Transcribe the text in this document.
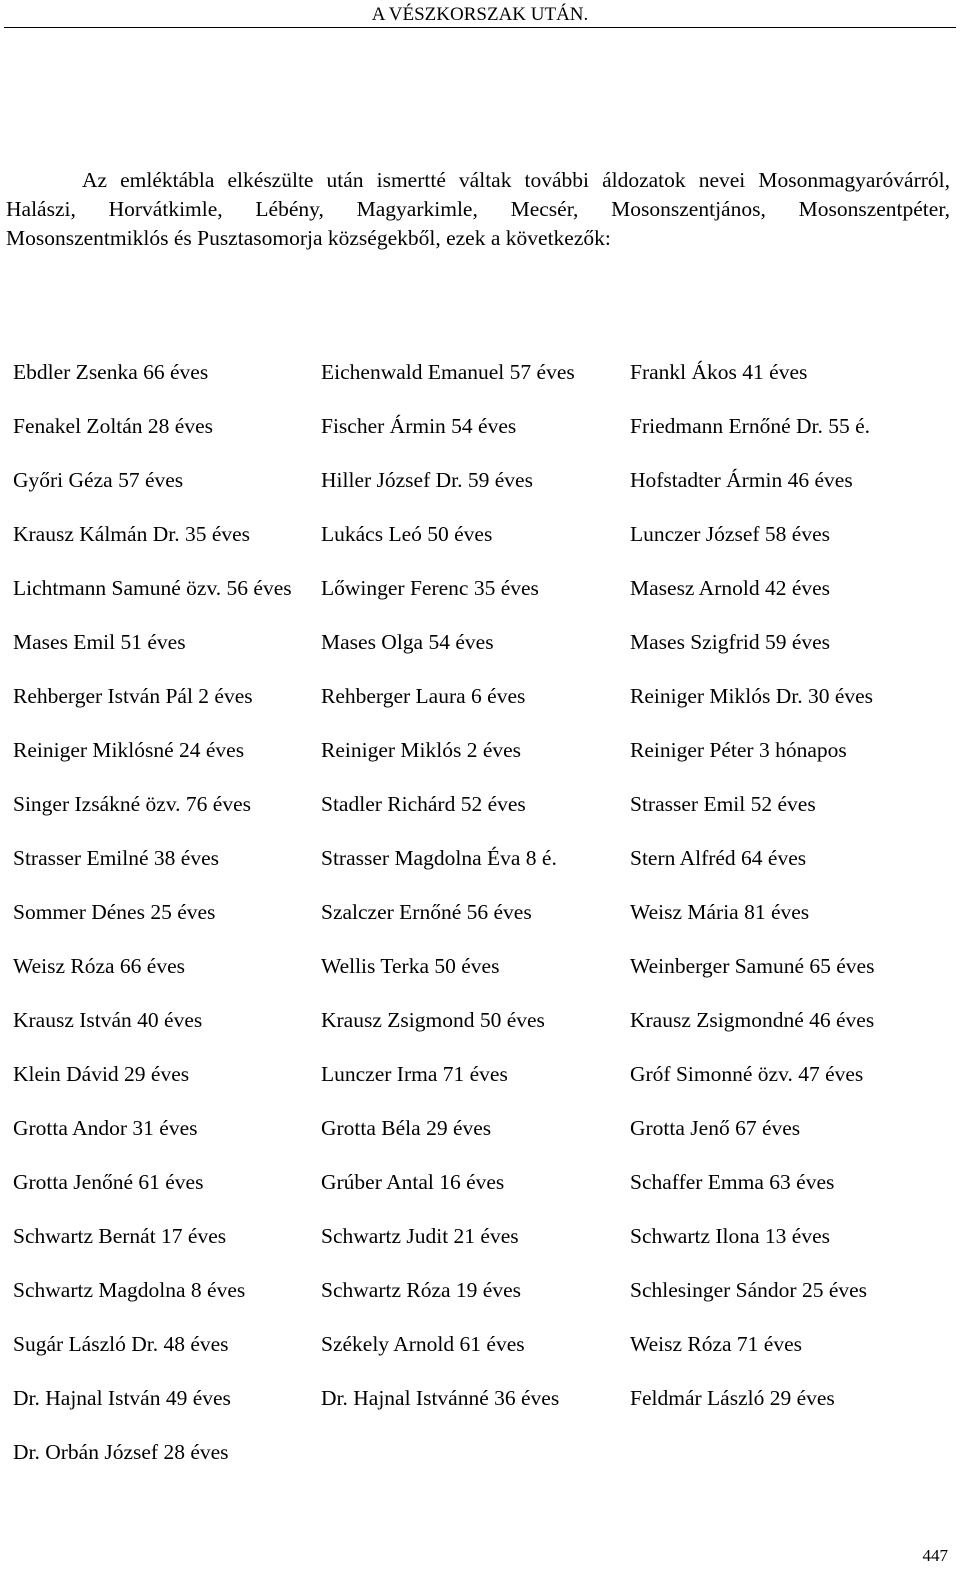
A VÉSZKORSZAK UTÁN.

Az emléktábla elkészülte után ismertté váltak további áldozatok nevei Mosonmagyaróvárról, Halászi, Horvátkimle, Lébény, Magyarkimle, Mecsér, Mosonszentjános, Mosonszentpéter, Mosonszentmiklós és Pusztasomorja községekből, ezek a következők:

Ebdler Zsenka 66 éves	Eichenwald Emanuel 57 éves	Frankl Ákos 41 éves

Fenakel Zoltán 28 éves	Fischer Ármin 54 éves	Friedmann Ernőné Dr. 55 é.

Győri Géza 57 éves	Hiller József Dr. 59 éves	Hofstadter Ármin 46 éves

Krausz Kálmán Dr. 35 éves	Lukács Leó 50 éves	Lunczer József 58 éves

Lichtmann Samuné özv. 56 éves	Lőwinger Ferenc 35 éves	Masesz Arnold 42 éves

Mases Emil 51 éves	Mases Olga 54 éves	Mases Szigfrid 59 éves

Rehberger István Pál 2 éves	Rehberger Laura 6 éves	Reiniger Miklós Dr. 30 éves

Reiniger Miklósné 24 éves	Reiniger Miklós 2 éves	Reiniger Péter 3 hónapos

Singer Izsákné özv. 76 éves	Stadler Richárd 52 éves	Strasser Emil 52 éves

Strasser Emilné 38 éves	Strasser Magdolna Éva 8 é.	Stern Alfréd 64 éves

Sommer Dénes 25 éves	Szalczer Ernőné 56 éves	Weisz Mária 81 éves

Weisz Róza 66 éves	Wellis Terka 50 éves	Weinberger Samuné 65 éves

Krausz István 40 éves	Krausz Zsigmond 50 éves	Krausz Zsigmondné 46 éves

Klein Dávid 29 éves	Lunczer Irma 71 éves	Gróf Simonné özv. 47 éves

Grotta Andor 31 éves	Grotta Béla 29 éves	Grotta Jenő 67 éves

Grotta Jenőné 61 éves	Grúber Antal 16 éves	Schaffer Emma 63 éves

Schwartz Bernát 17 éves	Schwartz Judit 21 éves	Schwartz Ilona 13 éves

Schwartz Magdolna 8 éves	Schwartz Róza 19 éves	Schlesinger Sándor 25 éves

Sugár László Dr. 48 éves	Székely Arnold 61 éves	Weisz Róza 71 éves

Dr. Hajnal István 49 éves	Dr. Hajnal Istvánné 36 éves	Feldmár László 29 éves

Dr. Orbán József 28 éves		
447
